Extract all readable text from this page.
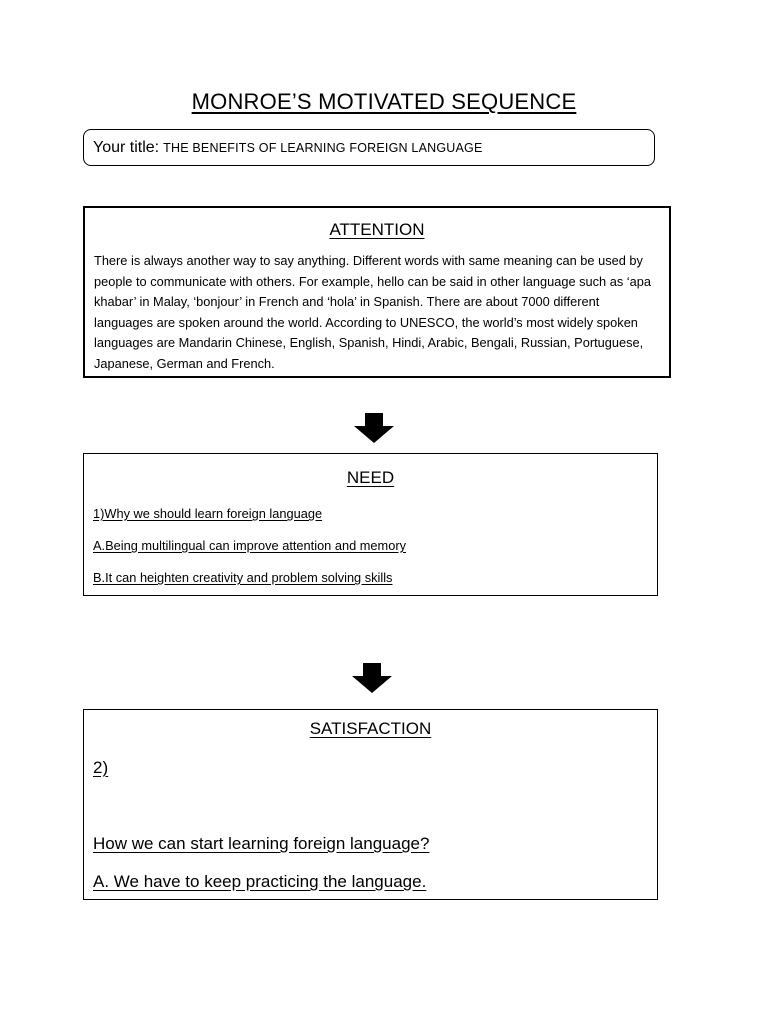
MONROE’S MOTIVATED SEQUENCE
Your title: THE BENEFITS OF LEARNING FOREIGN LANGUAGE
ATTENTION
There is always another way to say anything. Different words with same meaning can be used by people to communicate with others. For example, hello can be said in other language such as ‘apa khabar’ in Malay, ‘bonjour’ in French and ‘hola’ in Spanish. There are about 7000 different languages are spoken around the world. According to UNESCO, the world’s most widely spoken languages are Mandarin Chinese, English, Spanish, Hindi, Arabic, Bengali, Russian, Portuguese, Japanese, German and French.
NEED
1)Why we should learn foreign language
A.Being multilingual can improve attention and memory
B.It can heighten creativity and problem solving skills
SATISFACTION
2)
How we can start learning foreign language?
A. We have to keep practicing the language.
